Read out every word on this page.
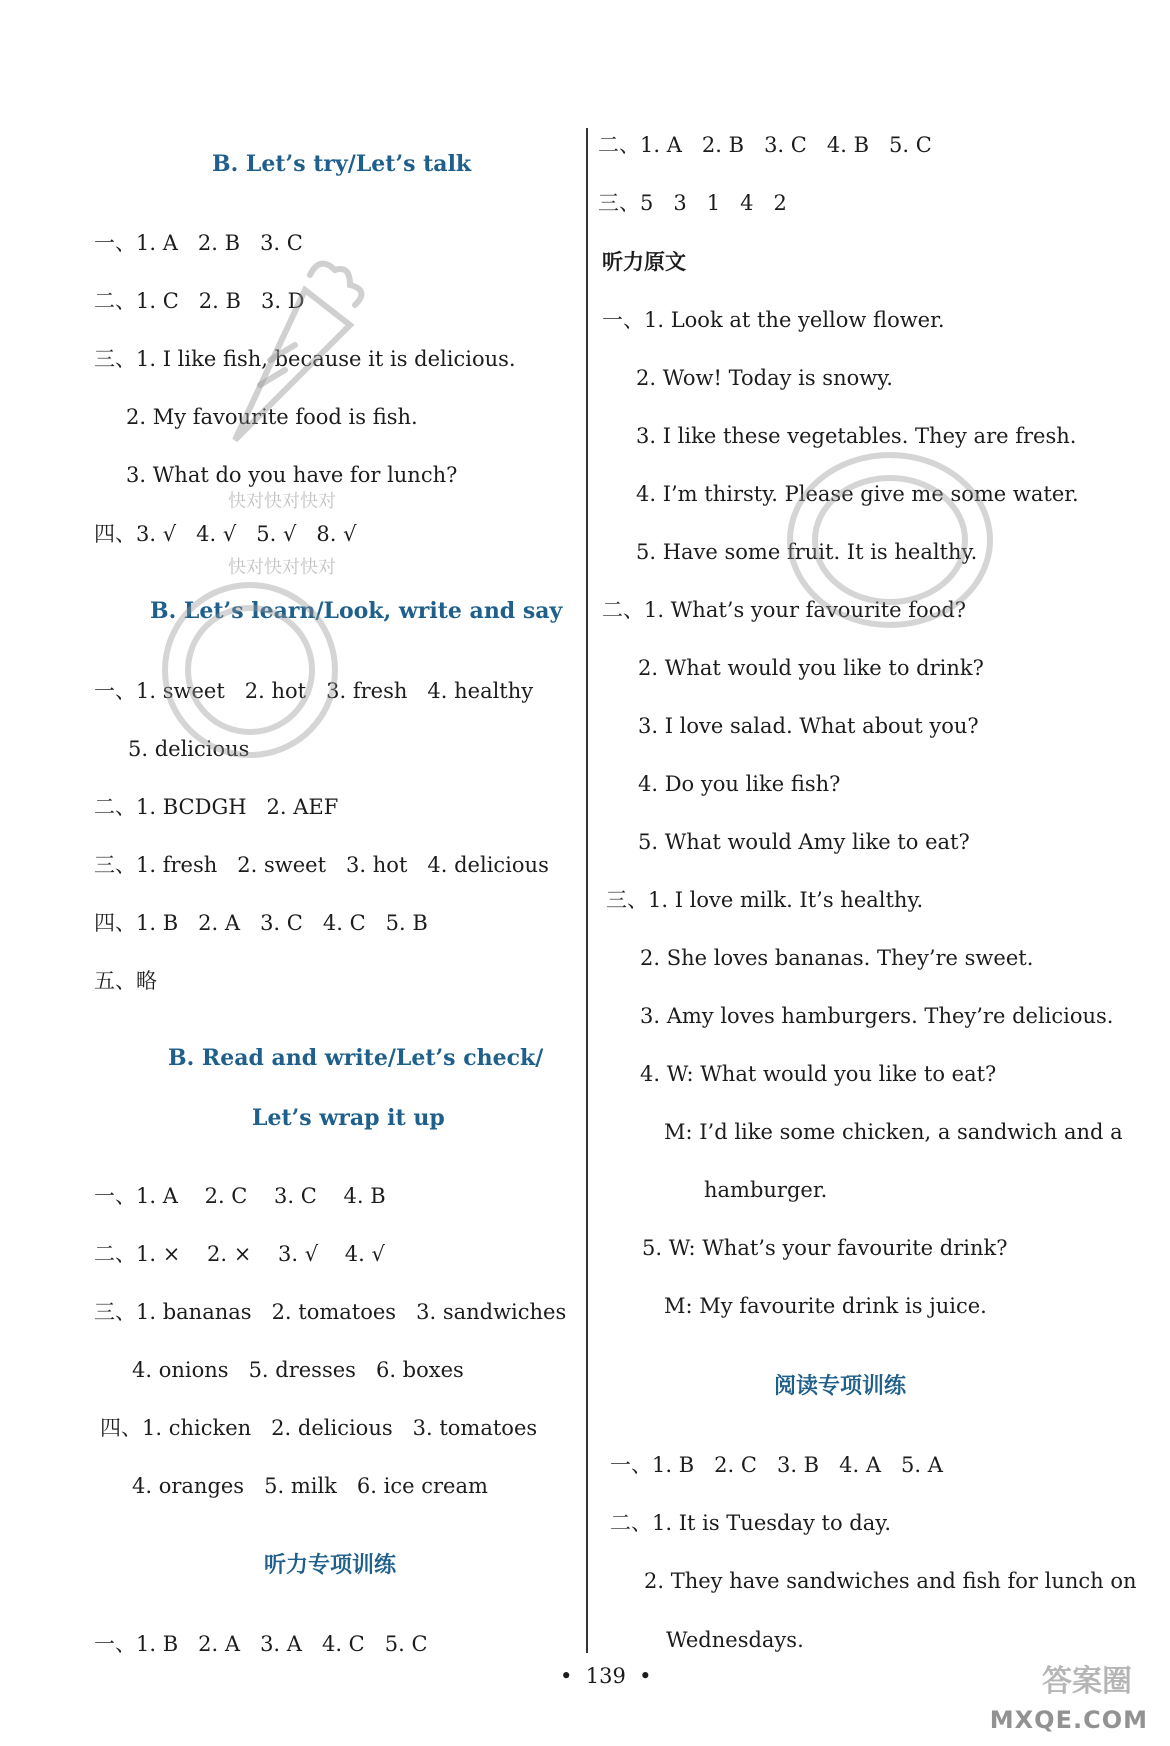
B. Let’s try/Let’s talk
一、1. A   2. B   3. C
二、1. C   2. B   3. D
三、1. I like fish, because it is delicious.
2. My favourite food is fish.
3. What do you have for lunch?
四、3. √   4. √   5. √   8. √
B. Let’s learn/Look, write and say
一、1. sweet   2. hot   3. fresh   4. healthy
5. delicious
二、1. BCDGH   2. AEF
三、1. fresh   2. sweet   3. hot   4. delicious
四、1. B   2. A   3. C   4. C   5. B
五、略
B. Read and write/Let’s check/
Let’s wrap it up
一、1. A    2. C    3. C    4. B
二、1. ×    2. ×    3. √    4. √
三、1. bananas   2. tomatoes   3. sandwiches
4. onions   5. dresses   6. boxes
四、1. chicken   2. delicious   3. tomatoes
4. oranges   5. milk   6. ice cream
听力专项训练
一、1. B   2. A   3. A   4. C   5. C
二、1. A   2. B   3. C   4. B   5. C
三、5   3   1   4   2
听力原文
一、1. Look at the yellow flower.
2. Wow! Today is snowy.
3. I like these vegetables. They are fresh.
4. I’m thirsty. Please give me some water.
5. Have some fruit. It is healthy.
二、1. What’s your favourite food?
2. What would you like to drink?
3. I love salad. What about you?
4. Do you like fish?
5. What would Amy like to eat?
三、1. I love milk. It’s healthy.
2. She loves bananas. They’re sweet.
3. Amy loves hamburgers. They’re delicious.
4. W: What would you like to eat?
M: I’d like some chicken, a sandwich and a
hamburger.
5. W: What’s your favourite drink?
M: My favourite drink is juice.
阅读专项训练
一、1. B   2. C   3. B   4. A   5. A
二、1. It is Tuesday to day.
2. They have sandwiches and fish for lunch on
Wednesdays.
•  139  •

快对快对快对

快对快对快对

答案圈
MXQE.COM
